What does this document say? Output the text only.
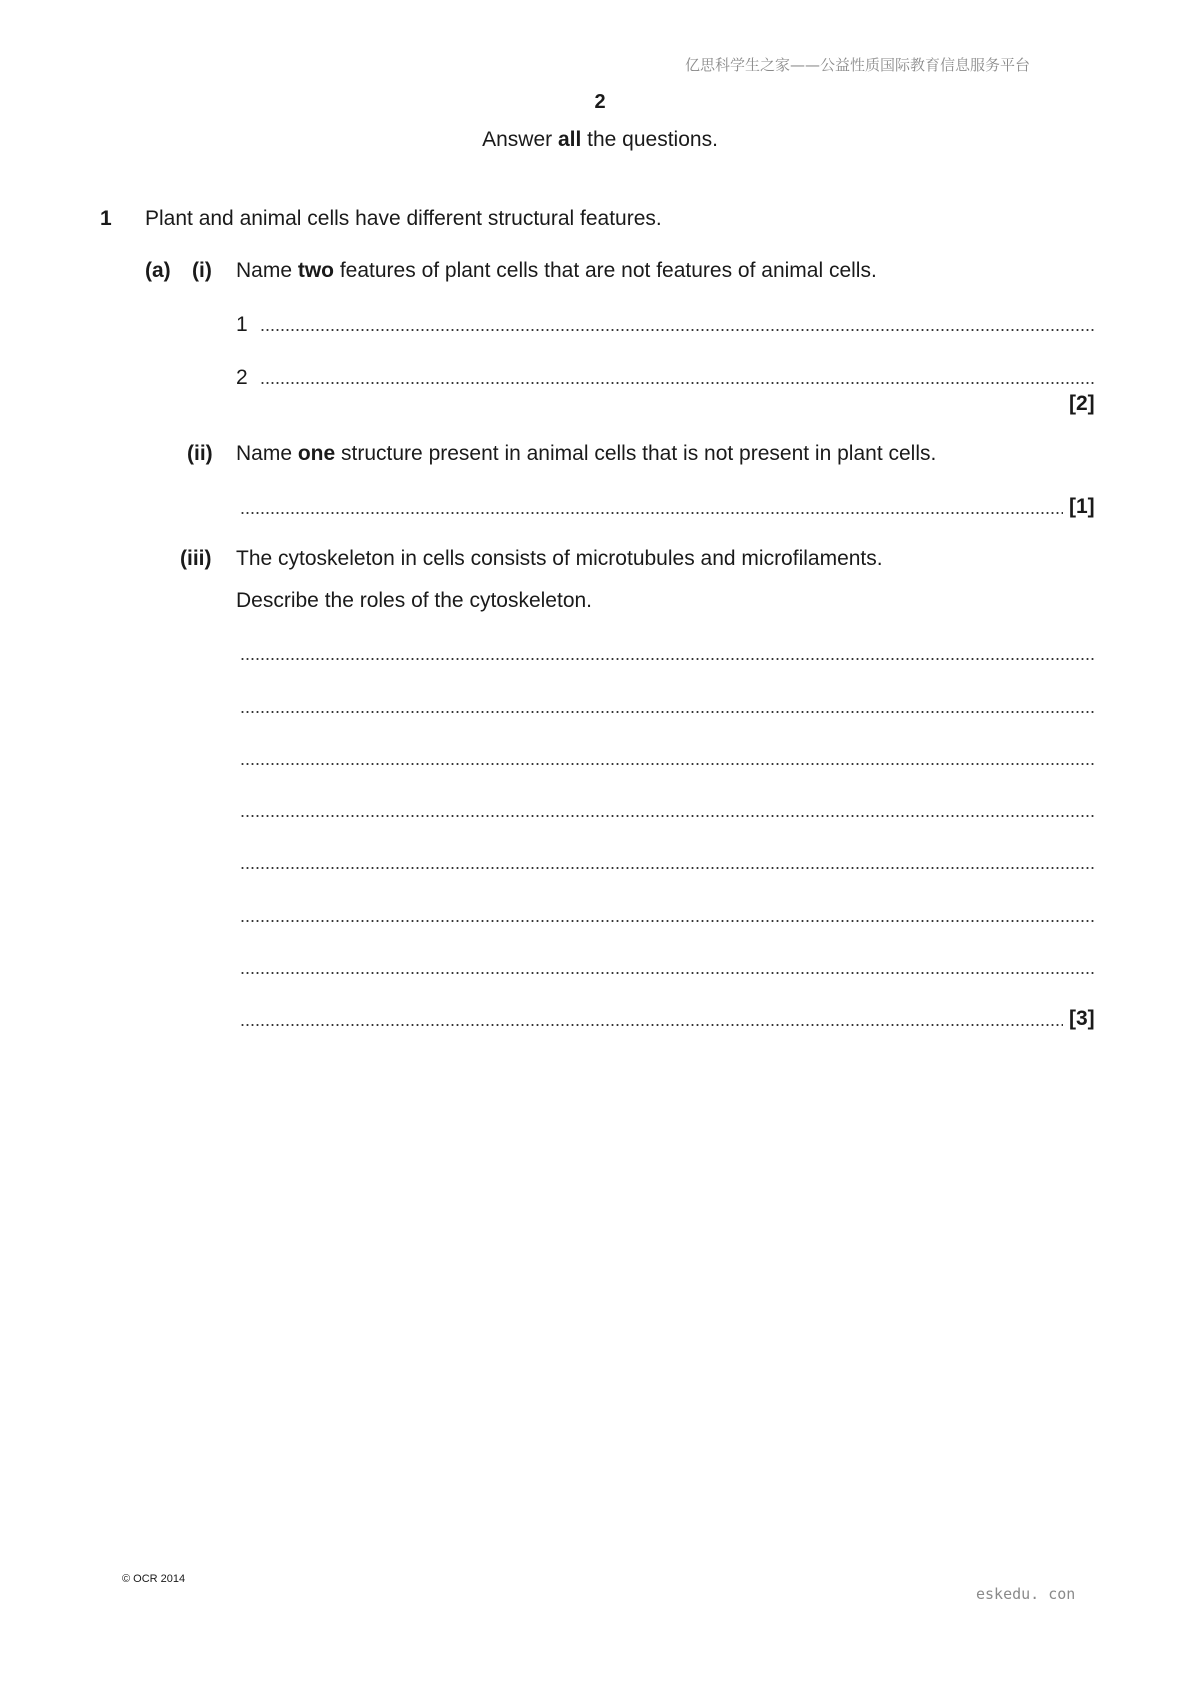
亿思科学生之家——公益性质国际教育信息服务平台
2
Answer all the questions.
1 Plant and animal cells have different structural features.
(a) (i) Name two features of plant cells that are not features of animal cells.
1
2
[2]
(ii) Name one structure present in animal cells that is not present in plant cells.
[1]
(iii) The cytoskeleton in cells consists of microtubules and microfilaments.
Describe the roles of the cytoskeleton.
[3]
© OCR 2014
eskedu. con
